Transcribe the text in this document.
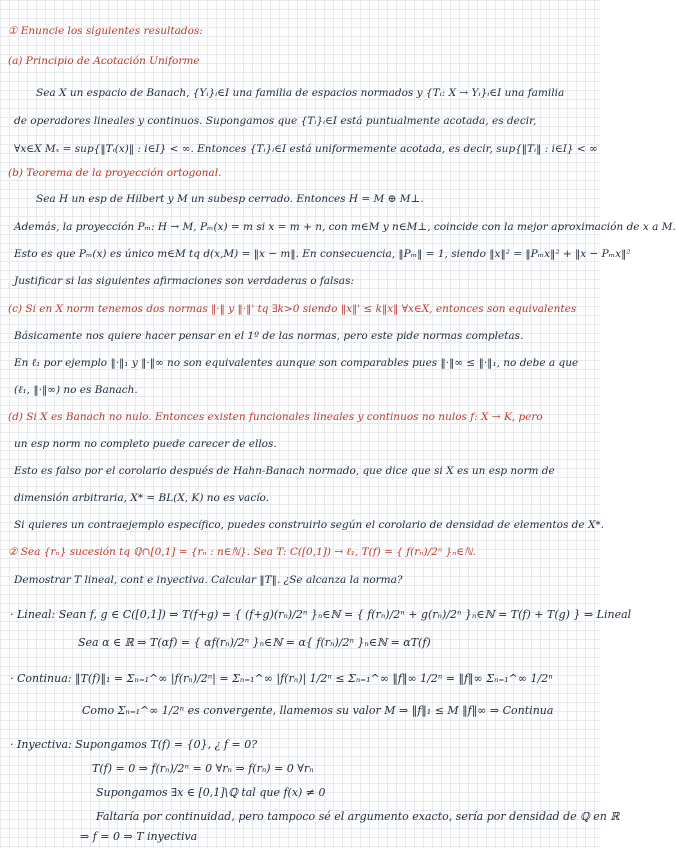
① Enuncie los siguientes resultados:
(a) Principio de Acotación Uniforme
Sea X un espacio de Banach, {Yᵢ}ᵢ∈I una familia de espacios normados y {Tᵢ: X → Yᵢ}ᵢ∈I una familia
de operadores lineales y continuos. Supongamos que {Tᵢ}ᵢ∈I está puntualmente acotada, es decir,
∀x∈X Mₓ = sup{‖Tᵢ(x)‖ : i∈I} < ∞. Entonces {Tᵢ}ᵢ∈I está uniformemente acotada, es decir, sup{‖Tᵢ‖ : i∈I} < ∞
(b) Teorema de la proyección ortogonal.
Sea H un esp de Hilbert y M un subesp cerrado. Entonces H = M ⊕ M⊥.
Además, la proyección Pₘ: H → M, Pₘ(x) = m si x = m + n, con m∈M y n∈M⊥, coincide con la mejor aproximación de x a M.
Esto es que Pₘ(x) es único m∈M tq d(x,M) = ‖x − m‖. En consecuencia, ‖Pₘ‖ = 1, siendo ‖x‖² = ‖Pₘx‖² + ‖x − Pₘx‖²
Justificar si las siguientes afirmaciones son verdaderas o falsas:
(c) Si en X norm tenemos dos normas ‖·‖ y ‖·‖' tq ∃k>0 siendo ‖x‖' ≤ k‖x‖ ∀x∈X, entonces son equivalentes
Básicamente nos quiere hacer pensar en el 1º de las normas, pero este pide normas completas.
En ℓ₁ por ejemplo ‖·‖₁ y ‖·‖∞ no son equivalentes aunque son comparables pues ‖·‖∞ ≤ ‖·‖₁, no debe a que
(ℓ₁, ‖·‖∞) no es Banach.
(d) Si X es Banach no nulo. Entonces existen funcionales lineales y continuos no nulos f: X → K, pero
un esp norm no completo puede carecer de ellos.
Esto es falso por el corolario después de Hahn-Banach normado, que dice que si X es un esp norm de
dimensión arbitraria, X* = BL(X, K) no es vacío.
Si quieres un contraejemplo específico, puedes construirlo según el corolario de densidad de elementos de X*.
② Sea {rₙ} sucesión tq ℚ∩[0,1] = {rₙ : n∈ℕ}. Sea T: C([0,1]) → ℓ₁, T(f) = { f(rₙ)/2ⁿ }ₙ∈ℕ.
Demostrar T lineal, cont e inyectiva. Calcular ‖T‖. ¿Se alcanza la norma?
· Lineal: Sean f, g ∈ C([0,1]) ⇒ T(f+g) = { (f+g)(rₙ)/2ⁿ }ₙ∈ℕ = { f(rₙ)/2ⁿ + g(rₙ)/2ⁿ }ₙ∈ℕ = T(f) + T(g) } ⇒ Lineal
Sea α ∈ ℝ ⇒ T(αf) = { αf(rₙ)/2ⁿ }ₙ∈ℕ = α{ f(rₙ)/2ⁿ }ₙ∈ℕ = αT(f)
· Continua: ‖T(f)‖₁ = Σₙ₌₁^∞ |f(rₙ)/2ⁿ| = Σₙ₌₁^∞ |f(rₙ)| 1/2ⁿ ≤ Σₙ₌₁^∞ ‖f‖∞ 1/2ⁿ = ‖f‖∞ Σₙ₌₁^∞ 1/2ⁿ
Como Σₙ₌₁^∞ 1/2ⁿ es convergente, llamemos su valor M ⇒ ‖f‖₁ ≤ M ‖f‖∞ ⇒ Continua
· Inyectiva: Supongamos T(f) = {0}, ¿ f = 0?
T(f) = 0 ⇒ f(rₙ)/2ⁿ = 0 ∀rₙ ⇒ f(rₙ) = 0 ∀rₙ
Supongamos ∃x ∈ [0,1]\ℚ tal que f(x) ≠ 0
Faltaría por continuidad, pero tampoco sé el argumento exacto, sería por densidad de ℚ en ℝ
⇒ f = 0 ⇒ T inyectiva
